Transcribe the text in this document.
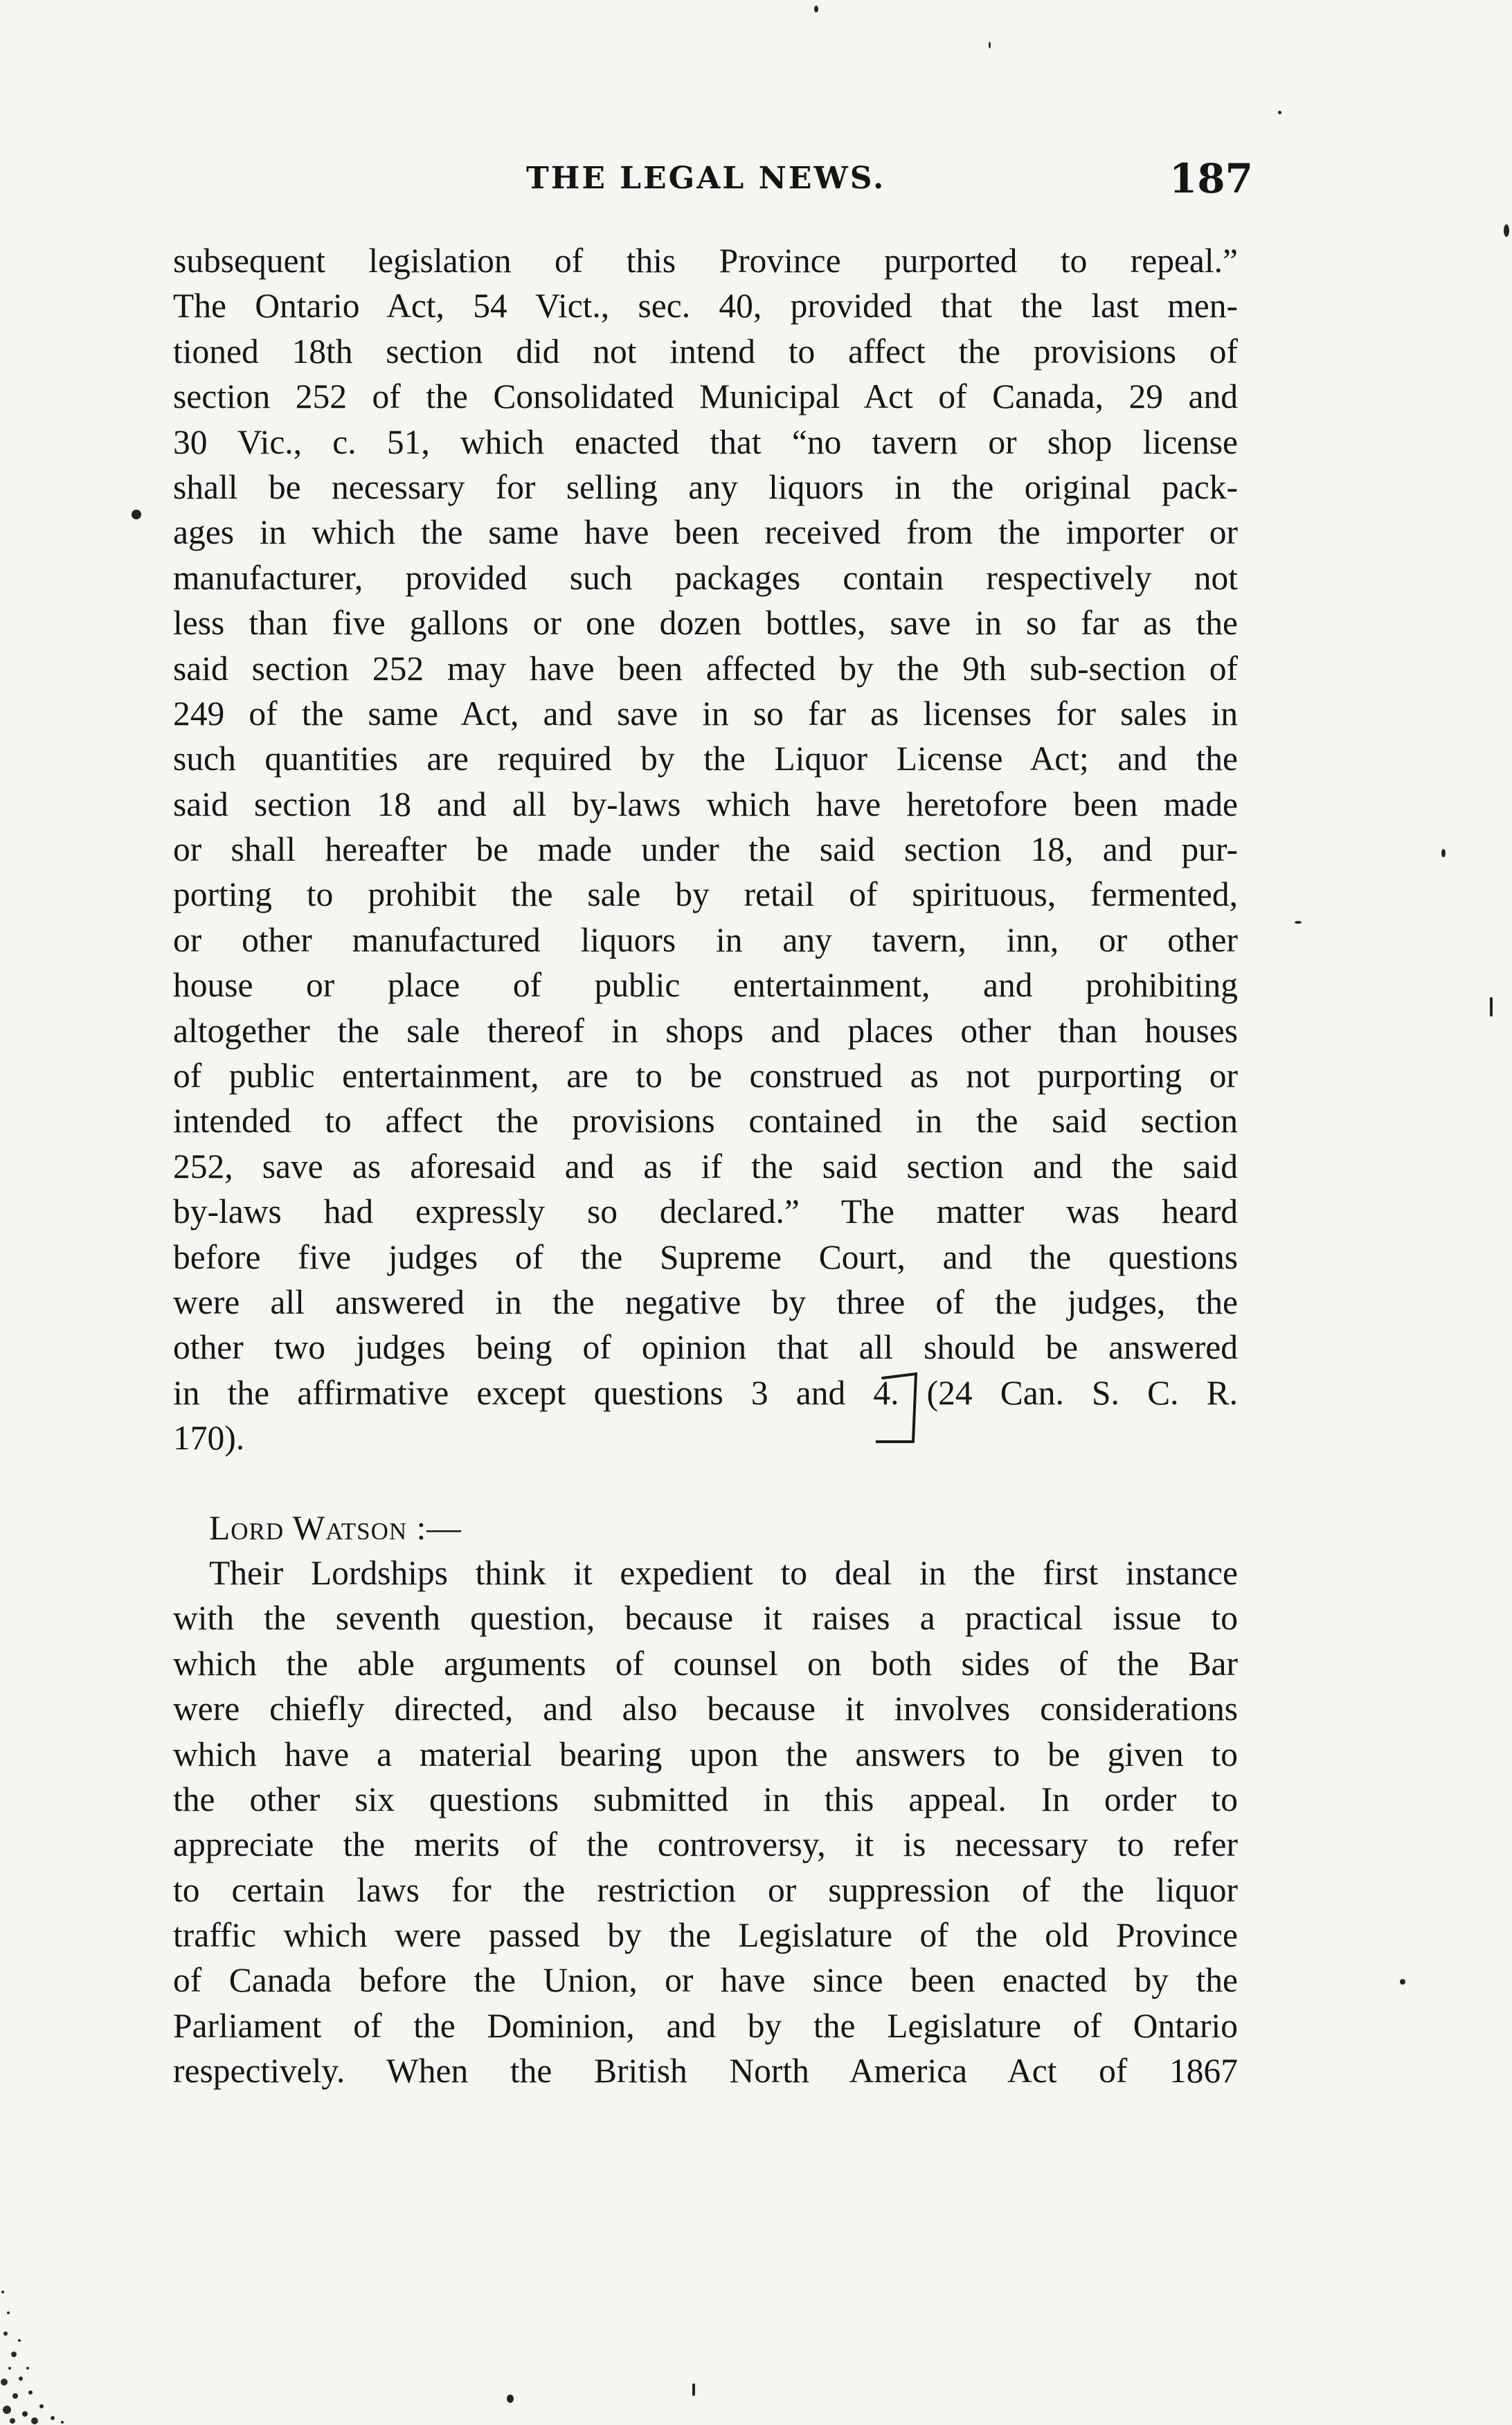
THE LEGAL NEWS.	187
subsequent legislation of this Province purported to repeal.”
The Ontario Act, 54 Vict., sec. 40, provided that the last men-
tioned 18th section did not intend to affect the provisions of
section 252 of the Consolidated Municipal Act of Canada, 29 and
30 Vic., c. 51, which enacted that “no tavern or shop license
shall be necessary for selling any liquors in the original pack-
ages in which the same have been received from the importer or
manufacturer, provided such packages contain respectively not
less than five gallons or one dozen bottles, save in so far as the
said section 252 may have been affected by the 9th sub-section of
249 of the same Act, and save in so far as licenses for sales in
such quantities are required by the Liquor License Act; and the
said section 18 and all by-laws which have heretofore been made
or shall hereafter be made under the said section 18, and pur-
porting to prohibit the sale by retail of spirituous, fermented,
or other manufactured liquors in any tavern, inn, or other
house or place of public entertainment, and prohibiting
altogether the sale thereof in shops and places other than houses
of public entertainment, are to be construed as not purporting or
intended to affect the provisions contained in the said section
252, save as aforesaid and as if the said section and the said
by-laws had expressly so declared.” The matter was heard
before five judges of the Supreme Court, and the questions
were all answered in the negative by three of the judges, the
other two judges being of opinion that all should be answered
in the affirmative except questions 3 and 4. (24 Can. S. C. R.
170).
Lord Watson :—
Their Lordships think it expedient to deal in the first instance
with the seventh question, because it raises a practical issue to
which the able arguments of counsel on both sides of the Bar
were chiefly directed, and also because it involves considerations
which have a material bearing upon the answers to be given to
the other six questions submitted in this appeal. In order to
appreciate the merits of the controversy, it is necessary to refer
to certain laws for the restriction or suppression of the liquor
traffic which were passed by the Legislature of the old Province
of Canada before the Union, or have since been enacted by the
Parliament of the Dominion, and by the Legislature of Ontario
respectively. When the British North America Act of 1867
